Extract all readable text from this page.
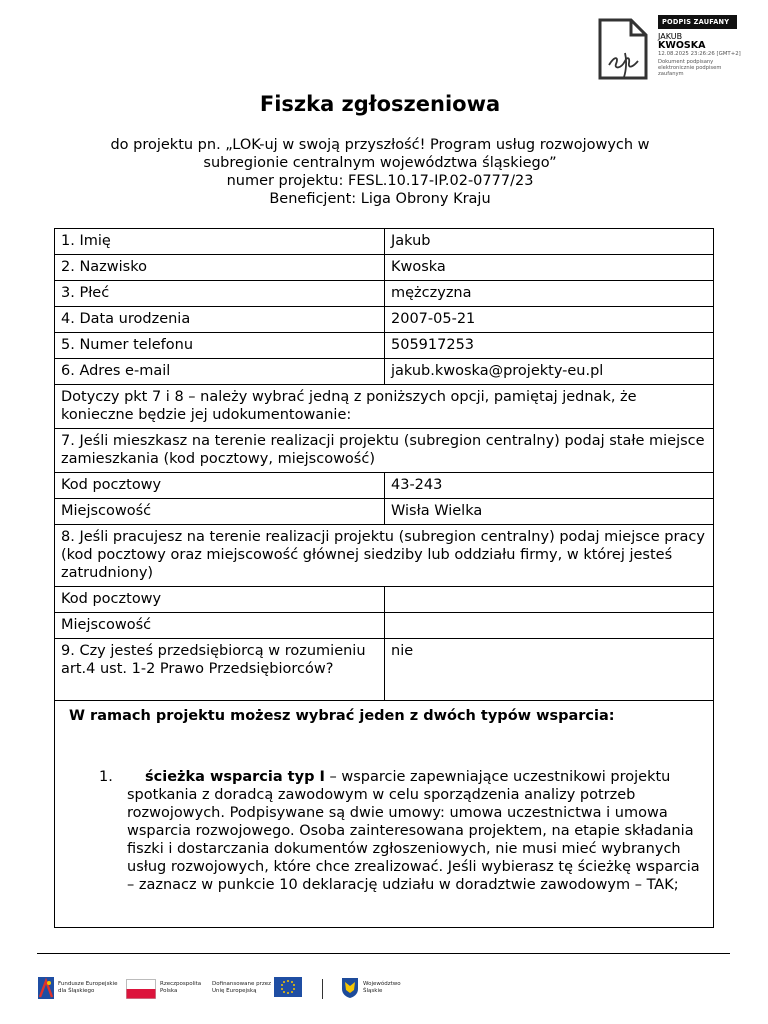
PODPIS ZAUFANY
JAKUB
KWOSKA
12.08.2025 23:26:26 [GMT+2]
Dokument podpisany elektronicznie podpisem zaufanym
Fiszka zgłoszeniowa
do projektu pn. „LOK-uj w swoją przyszłość! Program usług rozwojowych w
subregionie centralnym województwa śląskiego”
numer projektu: FESL.10.17-IP.02-0777/23
Beneficjent: Liga Obrony Kraju
1. Imię	Jakub
2. Nazwisko	Kwoska
3. Płeć	mężczyzna
4. Data urodzenia	2007-05-21
5. Numer telefonu	505917253
6. Adres e-mail	jakub.kwoska@projekty-eu.pl
Dotyczy pkt 7 i 8 – należy wybrać jedną z poniższych opcji, pamiętaj jednak, że konieczne będzie jej udokumentowanie:	
7. Jeśli mieszkasz na terenie realizacji projektu (subregion centralny) podaj stałe miejsce zamieszkania (kod pocztowy, miejscowość)	
Kod pocztowy	43-243
Miejscowość	Wisła Wielka
8. Jeśli pracujesz na terenie realizacji projektu (subregion centralny) podaj miejsce pracy (kod pocztowy oraz miejscowość głównej siedziby lub oddziału firmy, w której jesteś zatrudniony)	
Kod pocztowy	
Miejscowość	
9. Czy jesteś przedsiębiorcą w rozumieniu art.4 ust. 1-2 Prawo Przedsiębiorców?	nie

W ramach projektu możesz wybrać jeden z dwóch typów wsparcia:
1. ścieżka wsparcia typ I – wsparcie zapewniające uczestnikowi projektu spotkania z doradcą zawodowym w celu sporządzenia analizy potrzeb rozwojowych. Podpisywane są dwie umowy: umowa uczestnictwa i umowa wsparcia rozwojowego. Osoba zainteresowana projektem, na etapie składania fiszki i dostarczania dokumentów zgłoszeniowych, nie musi mieć wybranych usług rozwojowych, które chce zrealizować. Jeśli wybierasz tę ścieżkę wsparcia – zaznacz w punkcie 10 deklarację udziału w doradztwie zawodowym – TAK;	
Fundusze Europejskie dla Śląskiego
Rzeczpospolita Polska
Dofinansowane przez Unię Europejską
Województwo Śląskie
